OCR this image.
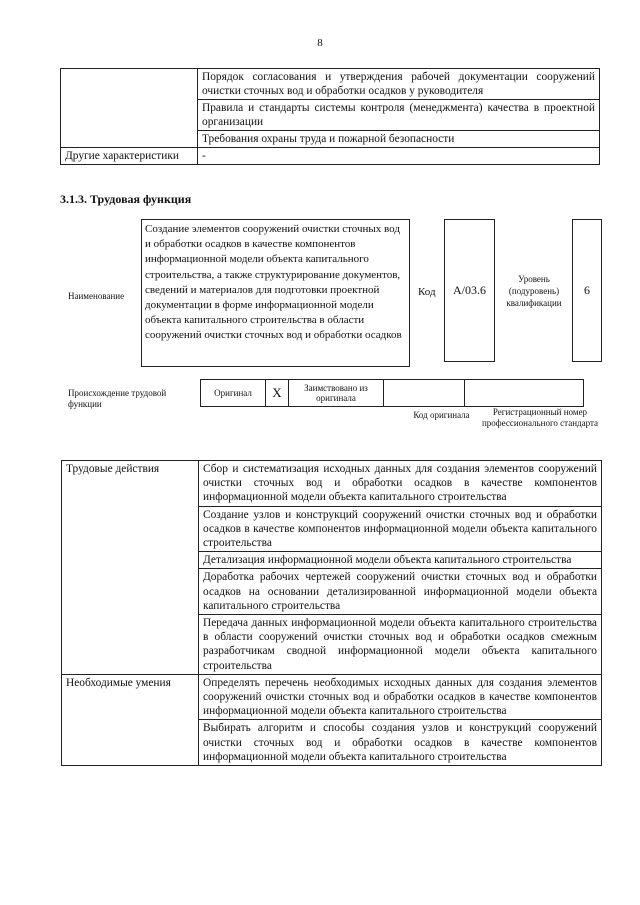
8
	Порядок согласования и утверждения рабочей документации сооружений очистки сточных вод и обработки осадков у руководителя
	Правила и стандарты системы контроля (менеджмента) качества в проектной организации
	Требования охраны труда и пожарной безопасности
Другие характеристики	-
3.1.3. Трудовая функция
Наименование
Создание элементов сооружений очистки сточных вод и обработки осадков в качестве компонентов информационной модели объекта капитального строительства, а также структурирование документов, сведений и материалов для подготовки проектной документации в форме информационной модели объекта капитального строительства в области сооружений очистки сточных вод и обработки осадков
Код	А/03.6
Уровень (подуровень) квалификации
6
Происхождение трудовой функции
Оригинал	X	Заимствовано из оригинала		
Код оригинала	Регистрационный номер профессионального стандарта
Трудовые действия	Сбор и систематизация исходных данных для создания элементов сооружений очистки сточных вод и обработки осадков в качестве компонентов информационной модели объекта капитального строительства
	Создание узлов и конструкций сооружений очистки сточных вод и обработки осадков в качестве компонентов информационной модели объекта капитального строительства
	Детализация информационной модели объекта капитального строительства
	Доработка рабочих чертежей сооружений очистки сточных вод и обработки осадков на основании детализированной информационной модели объекта капитального строительства
	Передача данных информационной модели объекта капитального строительства в области сооружений очистки сточных вод и обработки осадков смежным разработчикам сводной информационной модели объекта капитального строительства
Необходимые умения	Определять перечень необходимых исходных данных для создания элементов сооружений очистки сточных вод и обработки осадков в качестве компонентов информационной модели объекта капитального строительства
	Выбирать алгоритм и способы создания узлов и конструкций сооружений очистки сточных вод и обработки осадков в качестве компонентов информационной модели объекта капитального строительства
